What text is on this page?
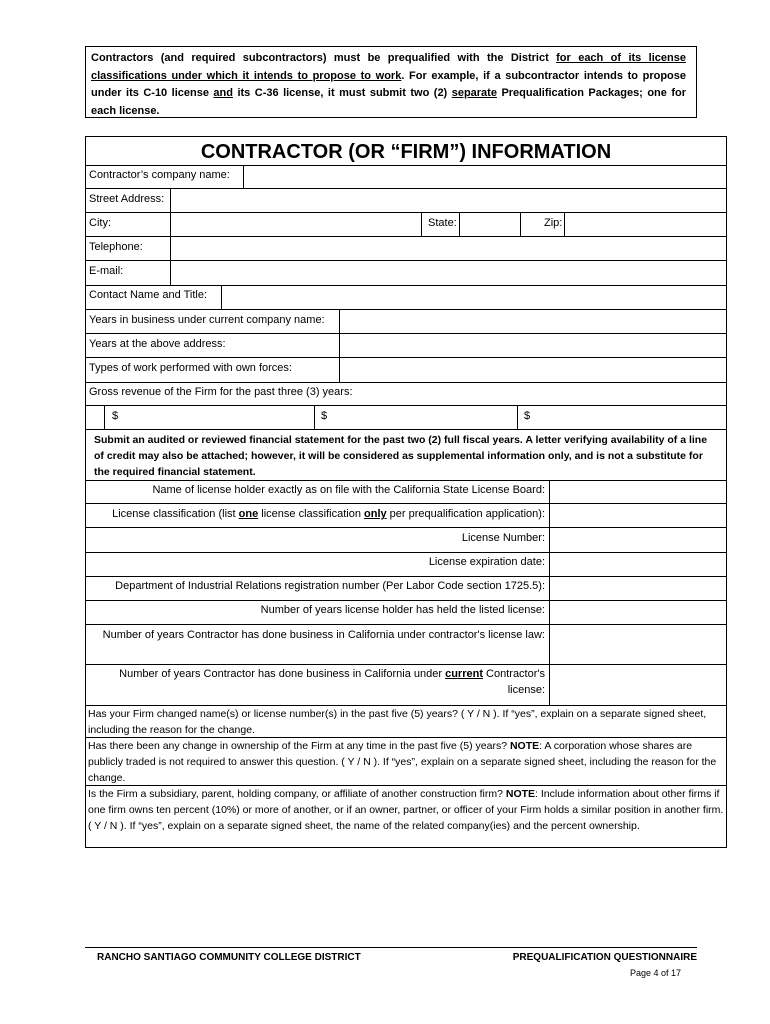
Contractors (and required subcontractors) must be prequalified with the District for each of its license classifications under which it intends to propose to work. For example, if a subcontractor intends to propose under its C-10 license and its C-36 license, it must submit two (2) separate Prequalification Packages; one for each license.
CONTRACTOR (OR “FIRM”) INFORMATION
Contractor’s company name:
Street Address:
City:	State:	Zip:
Telephone:
E-mail:
Contact Name and Title:
Years in business under current company name:
Years at the above address:
Types of work performed with own forces:
Gross revenue of the Firm for the past three (3) years:
$	$	$
Submit an audited or reviewed financial statement for the past two (2) full fiscal years. A letter verifying availability of a line of credit may also be attached; however, it will be considered as supplemental information only, and is not a substitute for the required financial statement.
Name of license holder exactly as on file with the California State License Board:
License classification (list one license classification only per prequalification application):
License Number:
License expiration date:
Department of Industrial Relations registration number (Per Labor Code section 1725.5):
Number of years license holder has held the listed license:
Number of years Contractor has done business in California under contractor's license law:
Number of years Contractor has done business in California under current Contractor's license:
Has your Firm changed name(s) or license number(s) in the past five (5) years? ( Y / N ). If “yes”, explain on a separate signed sheet, including the reason for the change.
Has there been any change in ownership of the Firm at any time in the past five (5) years? NOTE: A corporation whose shares are publicly traded is not required to answer this question. ( Y / N ). If “yes”, explain on a separate signed sheet, including the reason for the change.
Is the Firm a subsidiary, parent, holding company, or affiliate of another construction firm? NOTE: Include information about other firms if one firm owns ten percent (10%) or more of another, or if an owner, partner, or officer of your Firm holds a similar position in another firm. ( Y / N ). If “yes”, explain on a separate signed sheet, the name of the related company(ies) and the percent ownership.
RANCHO SANTIAGO COMMUNITY COLLEGE DISTRICT	PREQUALIFICATION QUESTIONNAIRE
Page 4 of 17
